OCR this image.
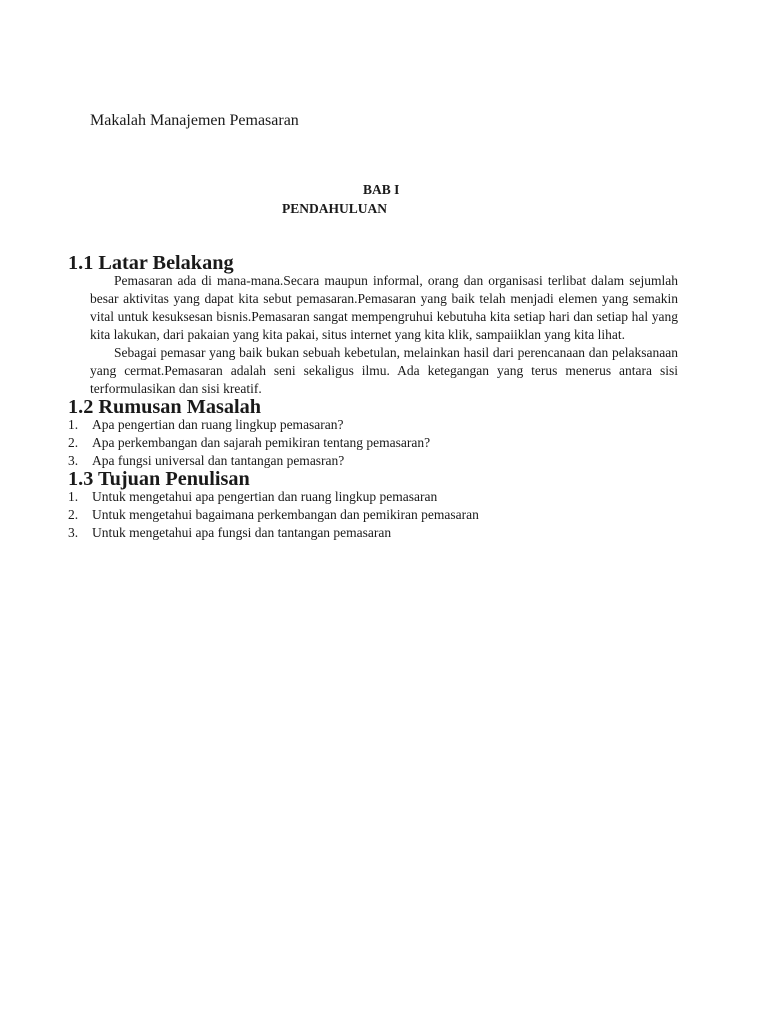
Makalah Manajemen Pemasaran

BAB I

PENDAHULUAN

1.1 Latar Belakang

Pemasaran ada di mana-mana.Secara maupun informal, orang dan organisasi terlibat dalam sejumlah besar aktivitas yang dapat kita sebut pemasaran.Pemasaran yang baik telah menjadi elemen yang semakin vital untuk kesuksesan bisnis.Pemasaran sangat mempengruhui kebutuha kita setiap hari dan setiap hal yang kita lakukan, dari pakaian yang kita pakai, situs internet yang kita klik, sampaiiklan yang kita lihat.

Sebagai pemasar yang baik bukan sebuah kebetulan, melainkan hasil dari perencanaan dan pelaksanaan yang cermat.Pemasaran adalah seni sekaligus ilmu. Ada ketegangan yang terus menerus antara sisi terformulasikan dan sisi kreatif.

1.2 Rumusan Masalah
1.	Apa pengertian dan ruang lingkup pemasaran?
2.	Apa perkembangan dan sajarah pemikiran tentang pemasaran?
3.	Apa fungsi universal dan tantangan pemasran?
1.3 Tujuan Penulisan
1.	Untuk mengetahui apa pengertian dan ruang lingkup pemasaran
2.	Untuk mengetahui bagaimana perkembangan dan pemikiran pemasaran
3.	Untuk mengetahui apa fungsi dan tantangan pemasaran
